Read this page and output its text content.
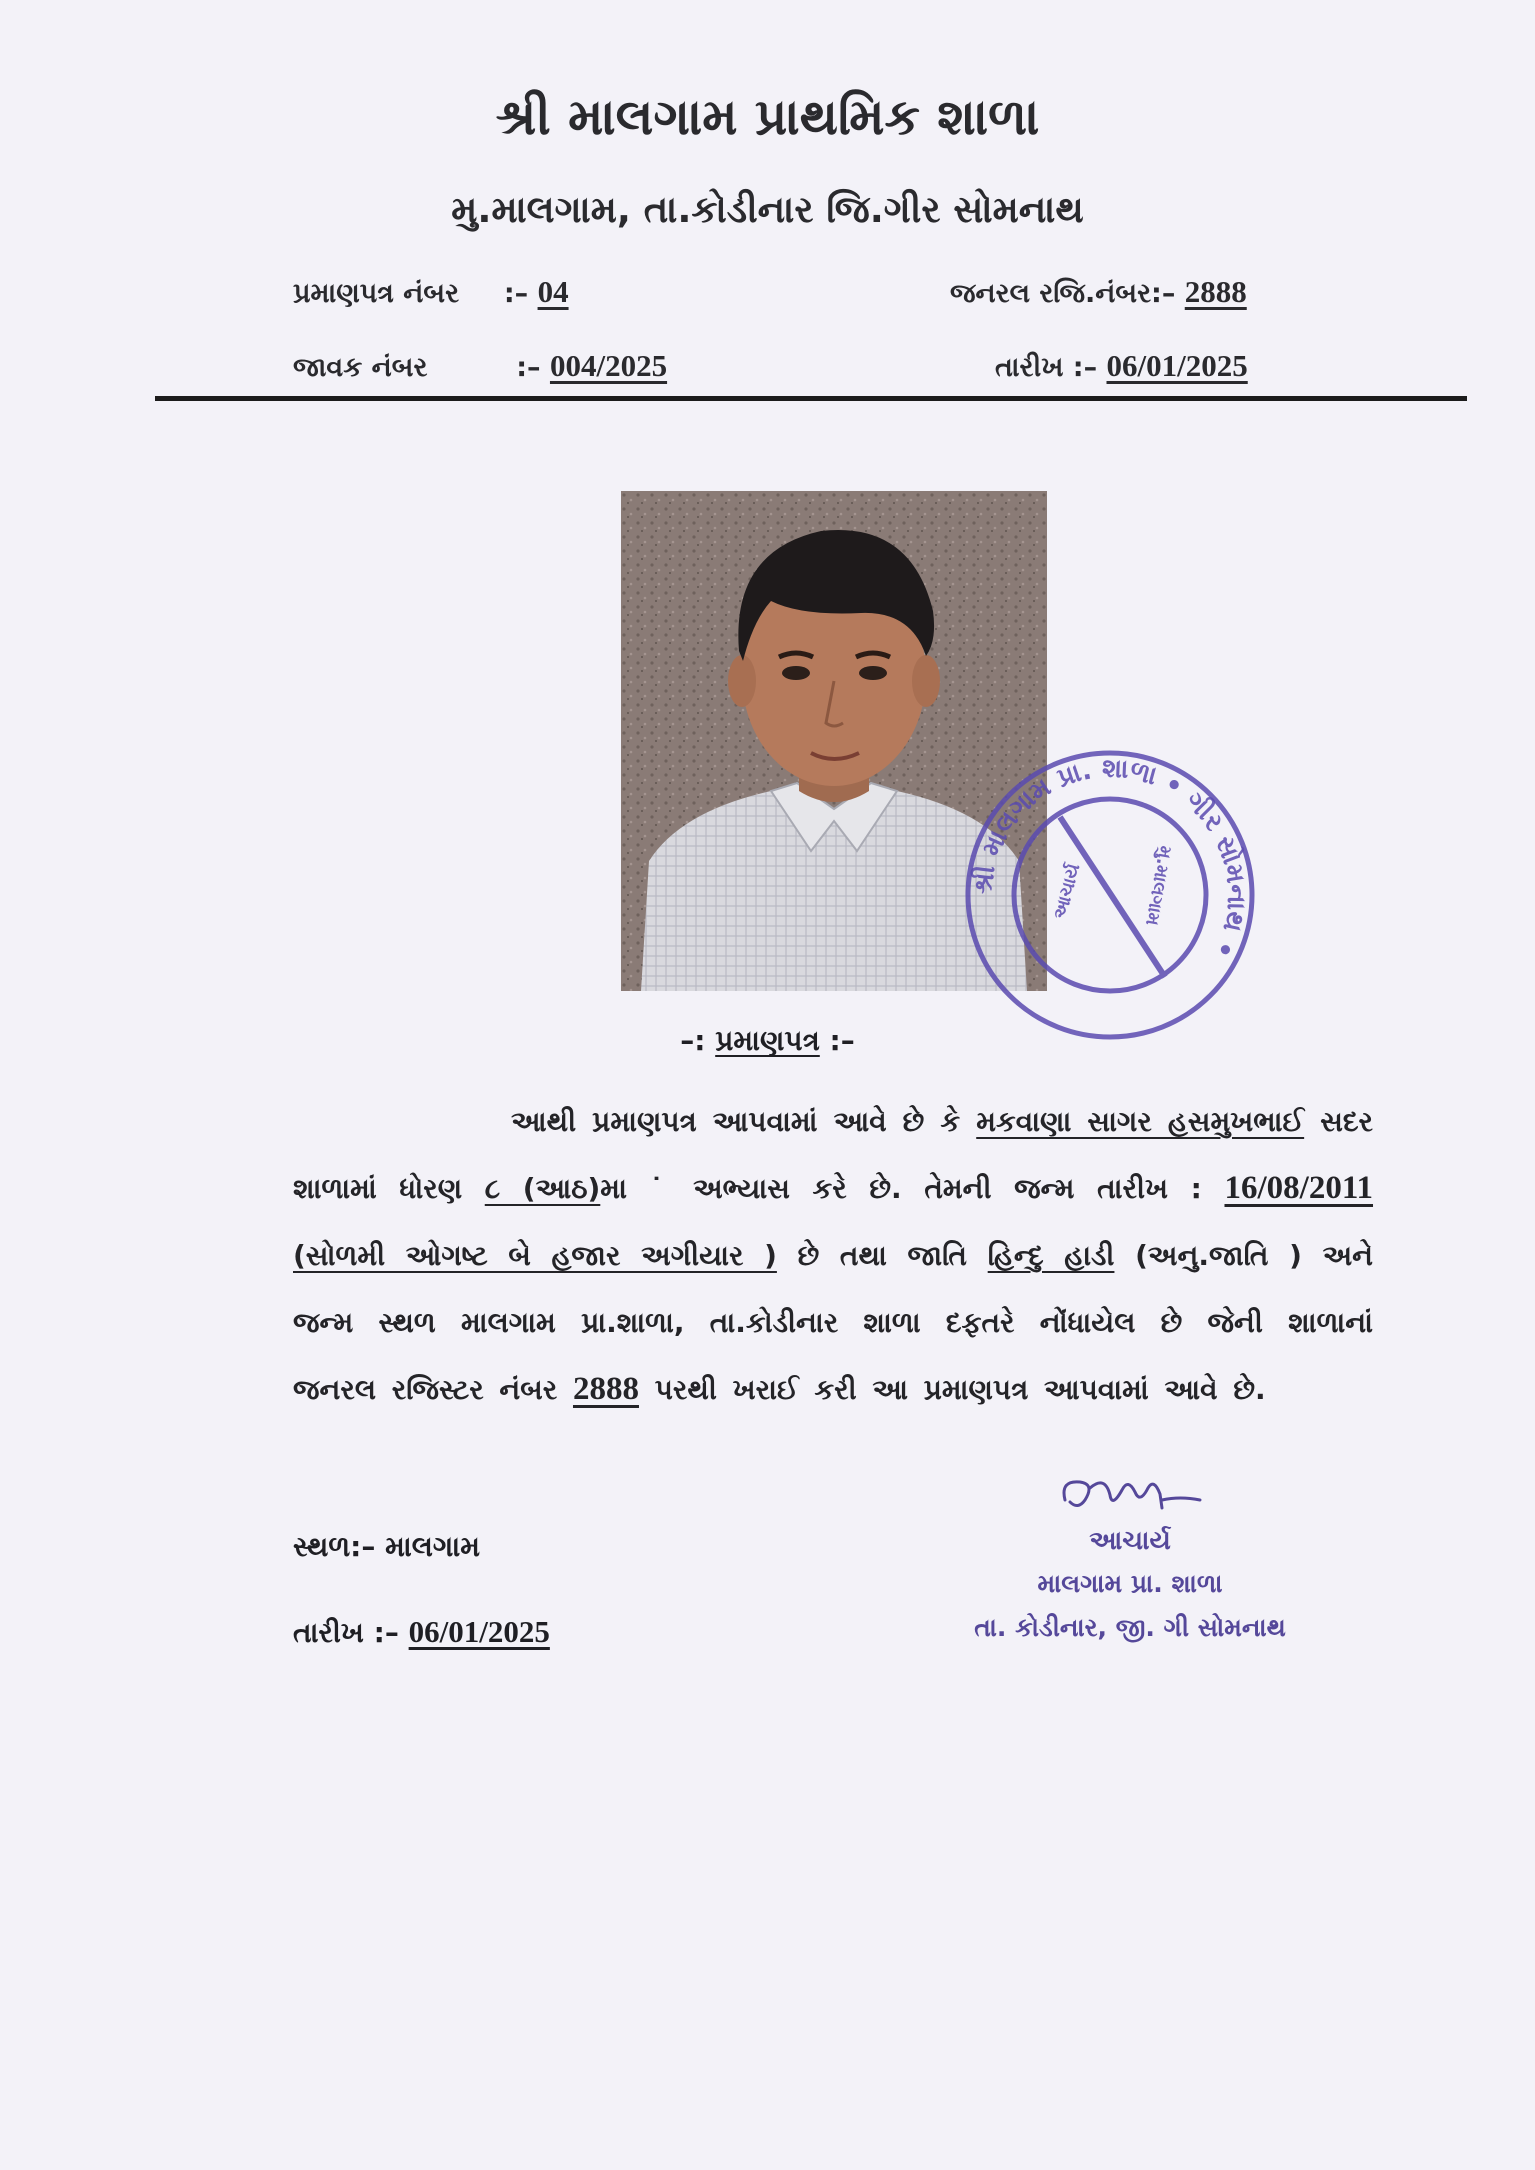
શ્રી માલગામ પ્રાથમિક શાળા
મુ.માલગામ, તા.કોડીનાર જિ.ગીર સોમનાથ
પ્રમાણપત્ર નંબર :– 04	જનરલ રજિ.નંબર:– 2888
જાવક નંબર	:– 004/2025	તારીખ :– 06/01/2025
શ્રી માલગામ પ્રા. શાળા • ગીર સોમનાથ •
આચાર્ય	મુ.માલગામ
–: પ્રમાણપત્ર :–
આથી પ્રમાણપત્ર આપવામાં આવે છે કે મકવાણા સાગર હસમુખભાઈ સદર શાળામાં ધોરણ ૮ (આઠ)મા ˙ અભ્યાસ કરે છે. તેમની જન્મ તારીખ : 16/08/2011 (સોળમી ઓગષ્ટ બે હજાર અગીયાર ) છે તથા જાતિ હિન્દુ હાડી (અનુ.જાતિ ) અને જન્મ સ્થળ માલગામ પ્રા.શાળા, તા.કોડીનાર શાળા દફતરે નોંધાયેલ છે જેની શાળાનાં જનરલ રજિસ્ટર નંબર 2888 પરથી ખરાઈ કરી આ પ્રમાણપત્ર આપવામાં આવે છે.
આચાર્ય
માલગામ પ્રા. શાળા
તા. કોડીનાર, જી. ગી સોમનાથ
સ્થળ:– માલગામ
તારીખ :– 06/01/2025
